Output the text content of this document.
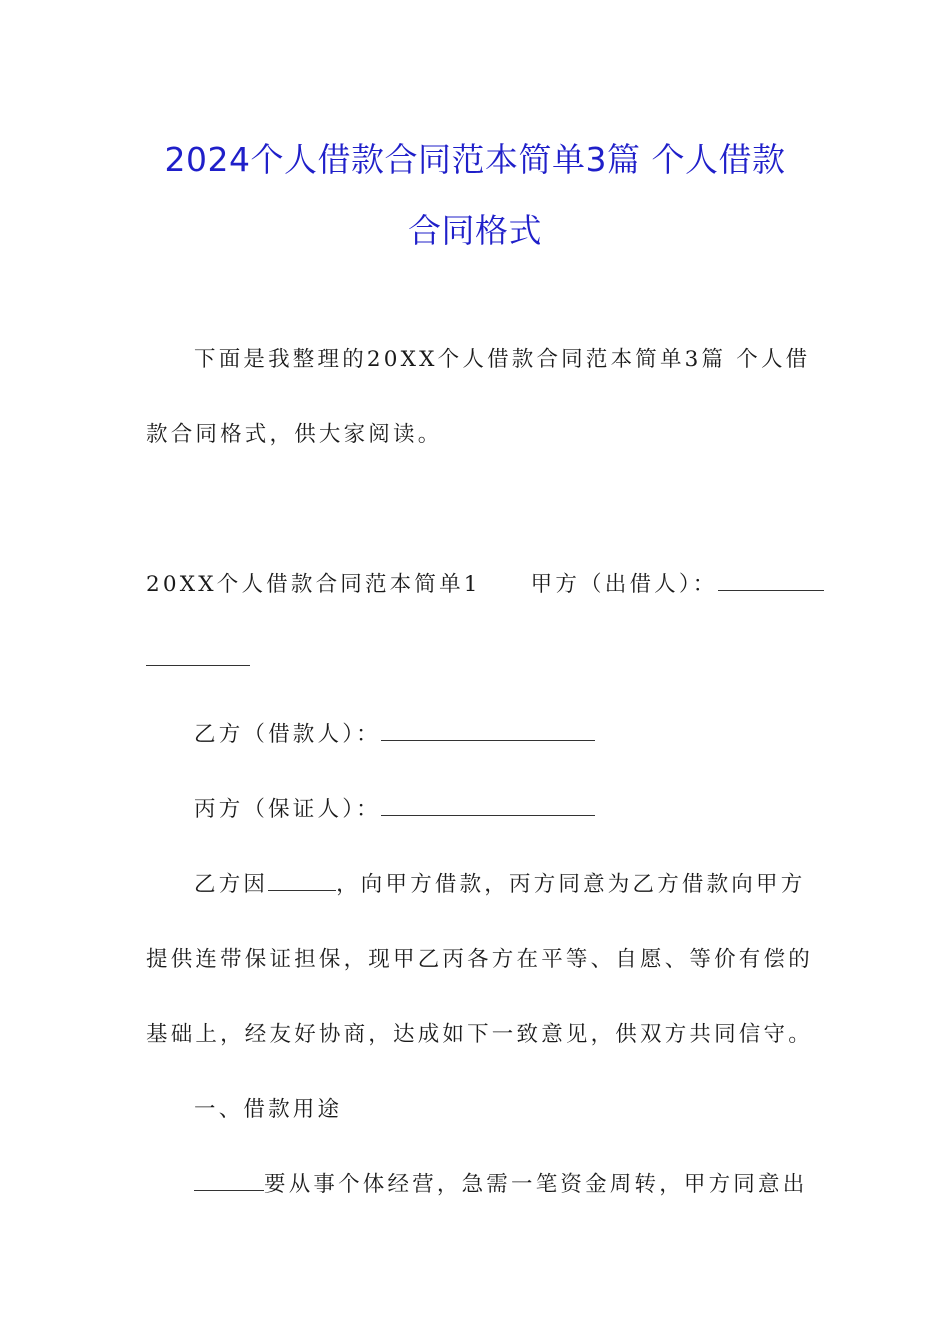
2024个人借款合同范本简单3篇 个人借款
合同格式
下面是我整理的20XX个人借款合同范本简单3篇 个人借
款合同格式，供大家阅读。
20XX个人借款合同范本简单1 甲方（出借人）：
乙方（借款人）：
丙方（保证人）：
乙方因	，向甲方借款，丙方同意为乙方借款向甲方
提供连带保证担保，现甲乙丙各方在平等、自愿、等价有偿的
基础上，经友好协商，达成如下一致意见，供双方共同信守。
一、借款用途
要从事个体经营，急需一笔资金周转，甲方同意出
